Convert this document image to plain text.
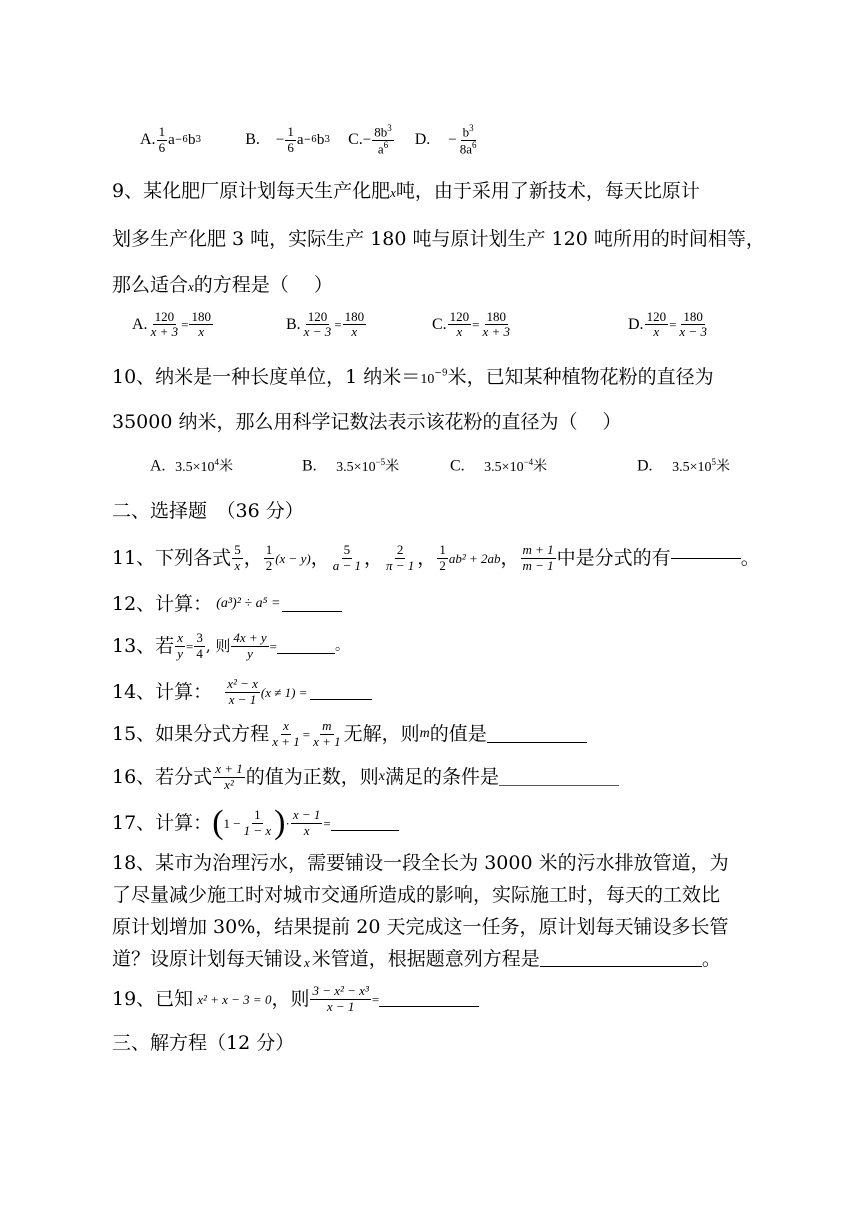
A. $\frac{1}{6}$ a −6 b 3	B. − $\frac{1}{6}$ a −6 b 3 C. − $\frac{8b^3}{a^6} D$. − $\frac{b^3}{8a^6}$
9、某化肥厂原计划每天生产化肥x吨，由于采用了新技术，每天比原计
划多生产化肥 3 吨，实际生产 180 吨与原计划生产 120 吨所用的时间相等，
那么适合x的方程是（　 ）
A. $\frac{120}{x + 3} = \frac{180}{x}$	B. $\frac{120}{x - 3} = \frac{180}{x}$	C. $\frac{120}{x} = \frac{180}{x + 3}$	D. $\frac{120}{x} = \frac{180}{x - 3}$
10、纳米是一种长度单位，1 纳米$=10^{-9}$米，已知某种植物花粉的直径为
35000 纳米，那么用科学记数法表示该花粉的直径为（　 ）
A. $3.5\times 10^4$米	B. $3.5\times 10^{-5}$米	C. $3.5\times 10^{-4}$米	D. $3.5\times 10^5$米
二、选择题　（36 分）
11、下列各式 $\frac{5}{x}$ ， $\frac{1}{2} (x - y)$ ， $\frac{5}{a - 1}$ ， $\frac{2}{\pi - 1}$ ， $\frac{1}{2} ab^2 + 2ab$ ， $\frac{m + 1}{m - 1}$ 中是分式的有	。
12、计算： (a³)² ÷ a⁵ =
13、若 $\frac{x}{y} = \frac{3}{4}$ , 则 $\frac{4x + y}{y}$ =	。
14、计算： $\frac{\text{x² − x}}{x - 1} (x \ne 1)$ =
15、如果分式方程 $\frac{x}{x + 1} = \frac{m}{x + 1}$ 无解，则 m 的值是
16、若分式 $\frac{x + 1}{\text{x²}}$ 的值为正数，则 x 满足的条件是
17、计算： ( $1 - \frac{1}{1 - x}$ ) · $\frac{x - 1}{x}$ =
18、某市为治理污水，需要铺设一段全长为 3000 米的污水排放管道，为
了尽量减少施工时对城市交通所造成的影响，实际施工时，每天的工效比
原计划增加 30%，结果提前 20 天完成这一任务，原计划每天铺设多长管
道？设原计划每天铺设 x 米管道，根据题意列方程是	。
19、已知 x² + x − 3 = 0 ，则 $\frac{\text{3 − x² − x³}}{x - 1}$ =
三、解方程（12 分）
